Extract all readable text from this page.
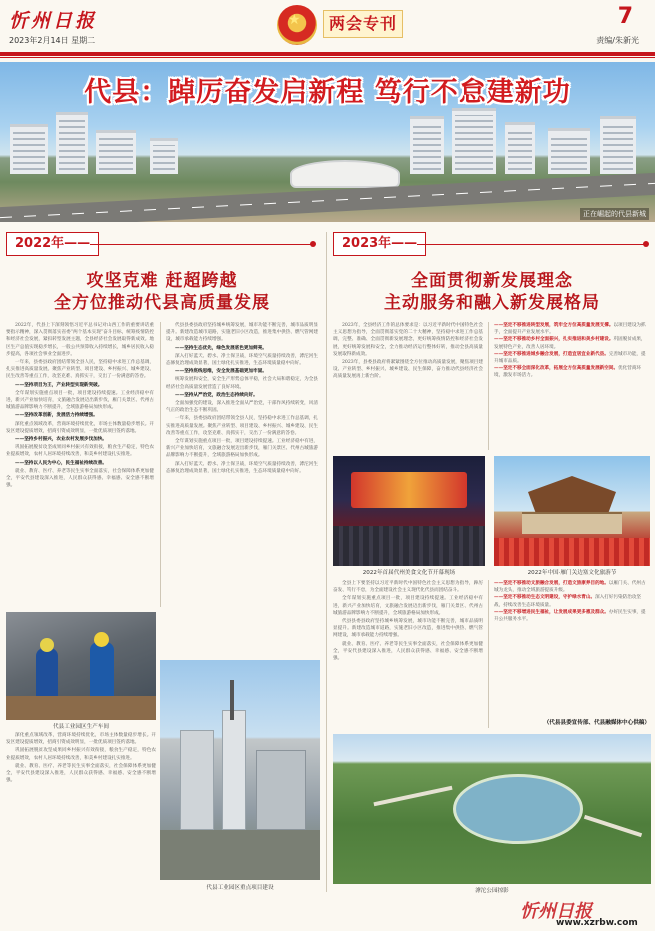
忻州日报
2023年2月14日 星期二
★	两会专刊	7
责编/朱新光
代县：踔厉奋发启新程 笃行不怠建新功
正在崛起的代县新城
2022年——	2023年——
攻坚克难 赶超跨越
全方位推动代县高质量发展
全面贯彻新发展理念
主动服务和融入新发展格局

2022年，代县上下深刻领悟习近平总书记对山西工作的重要讲话重要指示精神，深入贯彻落实省委“两个基本实现”奋斗目标，统筹疫情防控和经济社会发展，紧扣转型发展主题，全县经济社会发展取得新成效。地区生产总值实现稳步增长，一般公共预算收入持续增长，城乡居民收入稳步提高，各项社会事业全面进步。

一年来，县委县政府团结带领全县人民，坚持稳中求进工作总基调，扎实推进高质量发展。聚焦产业转型、项目建设、乡村振兴、城乡建设、民生改善等重点工作，攻坚克难、真抓实干，交出了一份满意的答卷。

——坚持项目为王，产业转型实现新突破。

全年谋划实施重点项目一批，项目建设持续提速。工业经济稳中有进，新兴产业加快培育，文旅融合发展迈出新步伐，雁门关景区、代州古城旅游品牌影响力不断提升，全域旅游格局加快形成。

——坚持改革创新，发展活力持续增强。

深化重点领域改革，营商环境持续优化，市场主体数量稳步增长。开发区建设提质增效，招商引资成效明显，一批优质项目签约落地。

——坚持乡村振兴，农业农村发展步伐加快。

巩固拓展脱贫攻坚成果同乡村振兴有效衔接，粮食生产稳定，特色农业提质增效，农村人居环境持续改善，和美乡村建设扎实推进。

——坚持以人民为中心，民生福祉持续改善。

就业、教育、医疗、养老等民生实事全面落实，社会保障体系更加健全，平安代县建设深入推进，人民群众获得感、幸福感、安全感不断增强。

代县县委县政府坚持城乡统筹发展，城市功能不断完善，城市品质明显提升。新建改造城市道路，实施老旧小区改造，推进集中供热、燃气管网建设，城市承载能力持续增强。

——坚持生态优先，绿色发展底色更加鲜亮。

深入打好蓝天、碧水、净土保卫战，环境空气质量持续改善，滹沱河生态修复治理成效显著，国土绿化扎实推进，生态环境质量稳中向好。

——坚持底线思维，安全发展基础更加牢固。

统筹发展和安全，安全生产形势总体平稳，社会大局和谐稳定，为全县经济社会高质量发展营造了良好环境。

——坚持从严治党，政治生态持续向好。

全面加强党的建设，深入推进全面从严治党，干部作风持续转变，风清气正的政治生态不断巩固。

一年来，县委县政府团结带领全县人民，坚持稳中求进工作总基调，扎实推进高质量发展。聚焦产业转型、项目建设、乡村振兴、城乡建设、民生改善等重点工作，攻坚克难、真抓实干，交出了一份满意的答卷。

全年谋划实施重点项目一批，项目建设持续提速。工业经济稳中有进，新兴产业加快培育，文旅融合发展迈出新步伐，雁门关景区、代州古城旅游品牌影响力不断提升，全域旅游格局加快形成。

深入打好蓝天、碧水、净土保卫战，环境空气质量持续改善，滹沱河生态修复治理成效显著，国土绿化扎实推进，生态环境质量稳中向好。

代县工业园区生产车间

深化重点领域改革，营商环境持续优化，市场主体数量稳步增长。开发区建设提质增效，招商引资成效明显，一批优质项目签约落地。

巩固拓展脱贫攻坚成果同乡村振兴有效衔接，粮食生产稳定，特色农业提质增效，农村人居环境持续改善，和美乡村建设扎实推进。

就业、教育、医疗、养老等民生实事全面落实，社会保障体系更加健全，平安代县建设深入推进，人民群众获得感、幸福感、安全感不断增强。

代县工业园区重点项目建设

2023年，全县经济工作的总体要求是：以习近平新时代中国特色社会主义思想为指导，全面贯彻落实党的二十大精神，坚持稳中求进工作总基调，完整、准确、全面贯彻新发展理念，更好统筹疫情防控和经济社会发展，更好统筹发展和安全，全力推动经济运行整体好转，推动全县高质量发展取得新成效。

2023年，县委县政府将紧紧围绕全方位推动高质量发展，聚焦项目建设、产业转型、乡村振兴、城乡建设、民生保障，奋力推动代县经济社会高质量发展再上新台阶。

——坚定不移推进转型发展，筑牢全方位高质量发展支撑。以项目建设为抓手，全面提升产业发展水平。
——坚定不移推动乡村全面振兴，扎实推进和美乡村建设。巩固脱贫成果，发展特色产业，改善人居环境。
——坚定不移推进城乡融合发展，打造宜居宜业新代县。完善城市功能，提升城市品质。
——坚定不移全面深化改革，拓展全方位高质量发展新空间。优化营商环境，激发市场活力。
2022年首届代州美食文化节开幕现场	2022年中国·雁门关边塞文化旅游节

全县上下要坚持以习近平新时代中国特色社会主义思想为指导，踔厉奋发、笃行不怠，为全面建设社会主义现代化代县而团结奋斗。

全年谋划实施重点项目一批，项目建设持续提速。工业经济稳中有进，新兴产业加快培育，文旅融合发展迈出新步伐，雁门关景区、代州古城旅游品牌影响力不断提升，全域旅游格局加快形成。

代县县委县政府坚持城乡统筹发展，城市功能不断完善，城市品质明显提升。新建改造城市道路，实施老旧小区改造，推进集中供热、燃气管网建设，城市承载能力持续增强。

就业、教育、医疗、养老等民生实事全面落实，社会保障体系更加健全，平安代县建设深入推进，人民群众获得感、幸福感、安全感不断增强。

——坚定不移推动文旅融合发展，打造文旅康养目的地。以雁门关、代州古城为龙头，推动全域旅游提质升级。
——坚定不移推动生态文明建设，守护绿水青山。深入打好污染防治攻坚战，持续改善生态环境质量。
——坚定不移增进民生福祉，让发展成果更多惠及群众。办好民生实事，提升公共服务水平。
（代县县委宣传部、代县融媒体中心供稿）
滹沱公园掠影
忻州日报
www.xzrbw.com
